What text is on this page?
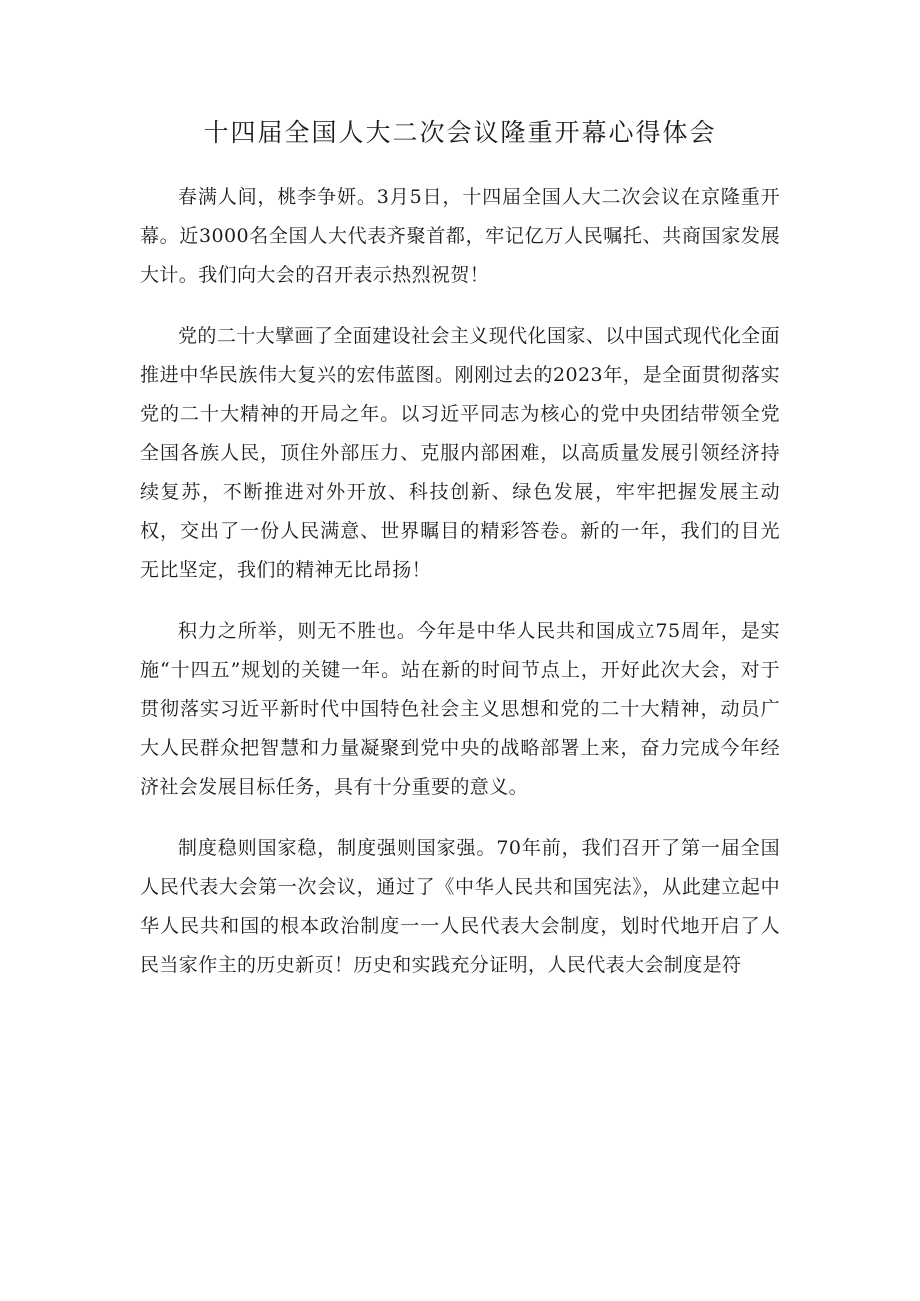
十四届全国人大二次会议隆重开幕心得体会

春满人间，桃李争妍。3月5日，十四届全国人大二次会议在京隆重开幕。近3000名全国人大代表齐聚首都，牢记亿万人民嘱托、共商国家发展大计。我们向大会的召开表示热烈祝贺！

党的二十大擘画了全面建设社会主义现代化国家、以中国式现代化全面推进中华民族伟大复兴的宏伟蓝图。刚刚过去的2023年，是全面贯彻落实党的二十大精神的开局之年。以习近平同志为核心的党中央团结带领全党全国各族人民，顶住外部压力、克服内部困难，以高质量发展引领经济持续复苏，不断推进对外开放、科技创新、绿色发展，牢牢把握发展主动权，交出了一份人民满意、世界瞩目的精彩答卷。新的一年，我们的目光无比坚定，我们的精神无比昂扬！

积力之所举，则无不胜也。今年是中华人民共和国成立75周年，是实施“十四五”规划的关键一年。站在新的时间节点上，开好此次大会，对于贯彻落实习近平新时代中国特色社会主义思想和党的二十大精神，动员广大人民群众把智慧和力量凝聚到党中央的战略部署上来，奋力完成今年经济社会发展目标任务，具有十分重要的意义。

制度稳则国家稳，制度强则国家强。70年前，我们召开了第一届全国人民代表大会第一次会议，通过了《中华人民共和国宪法》，从此建立起中华人民共和国的根本政治制度一一人民代表大会制度，划时代地开启了人民当家作主的历史新页！历史和实践充分证明，人民代表大会制度是符
